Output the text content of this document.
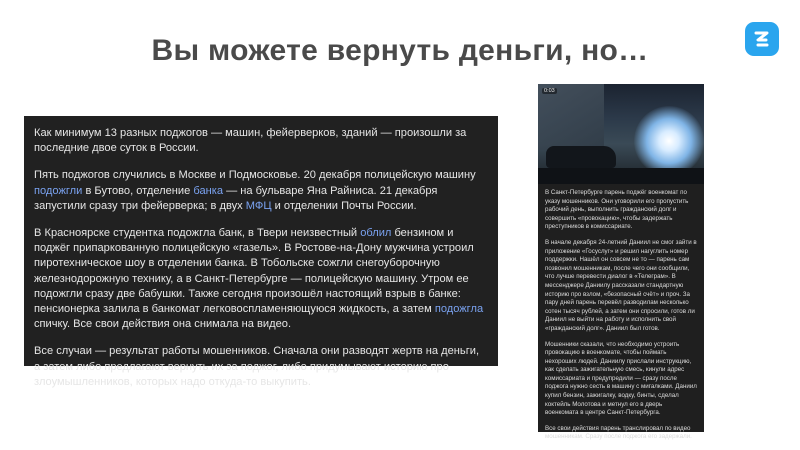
Вы можете вернуть деньги, но…

Как минимум 13 разных поджогов — машин, фейерверков, зданий — произошли за последние двое суток в России.

Пять поджогов случились в Москве и Подмосковье. 20 декабря полицейскую машину подожгли в Бутово, отделение банка — на бульваре Яна Райниса. 21 декабря запустили сразу три фейерверка; в двух МФЦ и отделении Почты России.

В Красноярске студентка подожгла банк, в Твери неизвестный облил бензином и поджёг припаркованную полицейскую «газель». В Ростове-на-Дону мужчина устроил пиротехническое шоу в отделении банка. В Тобольске сожгли снегоуборочную железнодорожную технику, а в Санкт-Петербурге — полицейскую машину. Утром ее подожгли сразу две бабушки. Также сегодня произошёл настоящий взрыв в банке: пенсионерка залила в банкомат легковоспламеняющуюся жидкость, а затем подожгла спичку. Все свои действия она снимала на видео.

Все случаи — результат работы мошенников. Сначала они разводят жертв на деньги, а затем либо предлагают вернуть их за поджог, либо придумывают историю про злоумышленников, которых надо откуда-то выкупить.

0:03

В Санкт-Петербурге парень поджёг военкомат по указу мошенников. Они уговорили его пропустить рабочий день, выполнить гражданский долг и совершить «провокацию», чтобы задержать преступников в комиссариате.

В начале декабря 24-летний Даниил не смог зайти в приложение «Госуслуг» и решил нагуглить номер поддержки. Нашёл он совсем не то — парень сам позвонил мошенникам, после чего они сообщили, что лучше перевести диалог в «Телеграм». В мессенджере Даниилу рассказали стандартную историю про взлом, «безопасный счёт» и проч. За пару дней парень перевёл разводилам несколько сотен тысяч рублей, а затем они спросили, готов ли Даниил не выйти на работу и исполнить свой «гражданский долг». Даниил был готов.

Мошенники сказали, что необходимо устроить провокацию в военкомате, чтобы поймать нехороших людей. Даниилу прислали инструкцию, как сделать зажигательную смесь, кинули адрес комиссариата и предупредили — сразу после поджога нужно сесть в машину с мигалками. Даниил купил бензин, зажигалку, водку, бинты, сделал коктейль Молотова и метнул его в дверь военкомата в центре Санкт-Петербурга.

Все свои действия парень транслировал по видео мошенникам. Сразу после поджога его задержали.
